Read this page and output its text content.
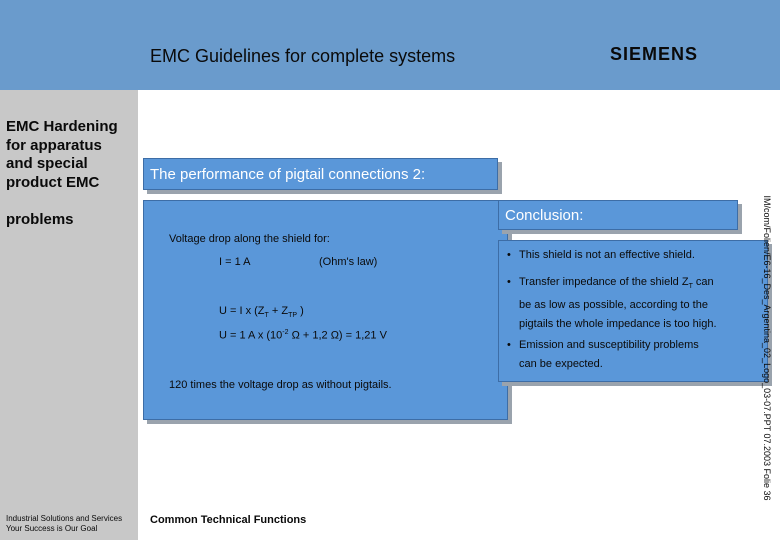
EMC Guidelines for complete systems	SIEMENS
EMC Hardening
for apparatus
and special
product EMC

problems
Industrial Solutions and Services
Your Success is Our Goal
The performance of pigtail connections 2:
Voltage drop along the shield for:
I = 1 A	(Ohm's law)
U = I x ($Z_T + Z_{TP}$ )
U = 1 A x ($10^{-2}$ Ω + 1,2 Ω) = 1,21 V
120 times the voltage drop as without pigtails.
• This shield is not an effective shield.
• Transfer impedance of the shield $Z_T$ can
be as low as possible, according to the
pigtails the whole impedance is too high.
• Emission and susceptibility problems
can be expected.
Conclusion:
Common Technical Functions
IM/com/Folien/E6-16_Des_Argentina_02_Logo_03-07.PPT 07.2003 Folie 36
